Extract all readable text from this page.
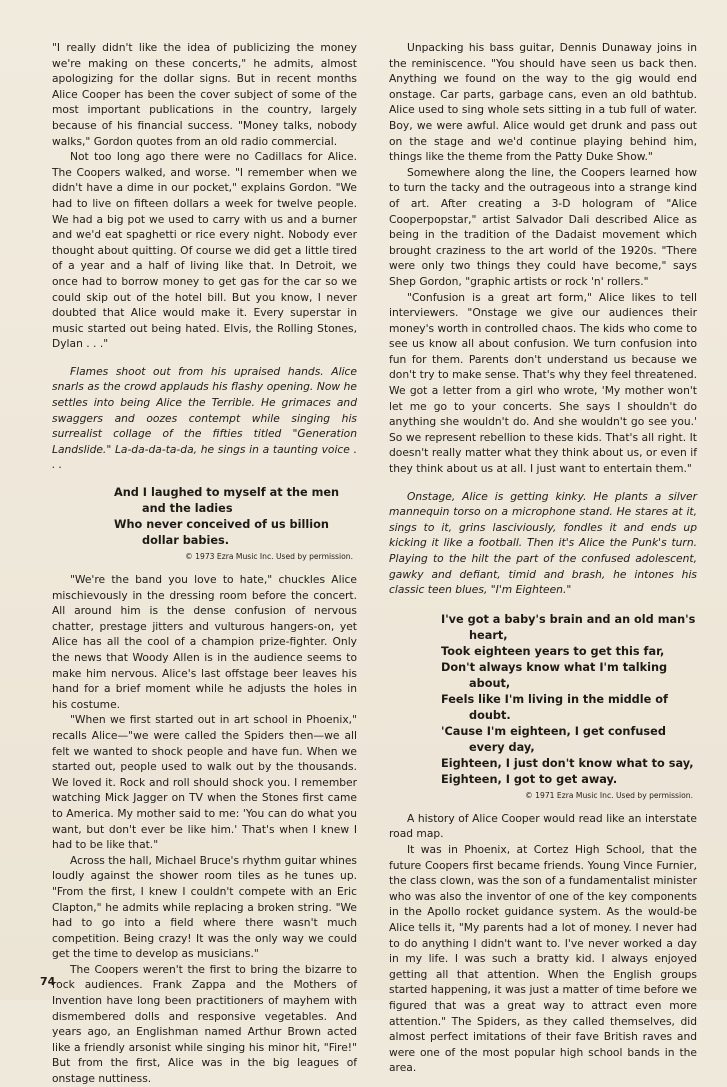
"I really didn't like the idea of publicizing the money we're making on these concerts," he admits, almost apologizing for the dollar signs. But in recent months Alice Cooper has been the cover subject of some of the most important publications in the country, largely because of his financial success. "Money talks, nobody walks," Gordon quotes from an old radio commercial.

Not too long ago there were no Cadillacs for Alice. The Coopers walked, and worse. "I remember when we didn't have a dime in our pocket," explains Gordon. "We had to live on fifteen dollars a week for twelve people. We had a big pot we used to carry with us and a burner and we'd eat spaghetti or rice every night. Nobody ever thought about quitting. Of course we did get a little tired of a year and a half of living like that. In Detroit, we once had to borrow money to get gas for the car so we could skip out of the hotel bill. But you know, I never doubted that Alice would make it. Every superstar in music started out being hated. Elvis, the Rolling Stones, Dylan . . ."

Flames shoot out from his upraised hands. Alice snarls as the crowd applauds his flashy opening. Now he settles into being Alice the Terrible. He grimaces and swaggers and oozes contempt while singing his surrealist collage of the fifties titled "Generation Landslide." La-da-da-ta-da, he sings in a taunting voice . . .

And I laughed to myself at the men and the ladies
Who never conceived of us billion dollar babies.
© 1973 Ezra Music Inc. Used by permission.

"We're the band you love to hate," chuckles Alice mischievously in the dressing room before the concert. All around him is the dense confusion of nervous chatter, prestage jitters and vulturous hangers-on, yet Alice has all the cool of a champion prize-fighter. Only the news that Woody Allen is in the audience seems to make him nervous. Alice's last offstage beer leaves his hand for a brief moment while he adjusts the holes in his costume.

"When we first started out in art school in Phoenix," recalls Alice—"we were called the Spiders then—we all felt we wanted to shock people and have fun. When we started out, people used to walk out by the thousands. We loved it. Rock and roll should shock you. I remember watching Mick Jagger on TV when the Stones first came to America. My mother said to me: 'You can do what you want, but don't ever be like him.' That's when I knew I had to be like that."

Across the hall, Michael Bruce's rhythm guitar whines loudly against the shower room tiles as he tunes up. "From the first, I knew I couldn't compete with an Eric Clapton," he admits while replacing a broken string. "We had to go into a field where there wasn't much competition. Being crazy! It was the only way we could get the time to develop as musicians."

The Coopers weren't the first to bring the bizarre to rock audiences. Frank Zappa and the Mothers of Invention have long been practitioners of mayhem with dismembered dolls and responsive vegetables. And years ago, an Englishman named Arthur Brown acted like a friendly arsonist while singing his minor hit, "Fire!" But from the first, Alice was in the big leagues of onstage nuttiness.

Unpacking his bass guitar, Dennis Dunaway joins in the reminiscence. "You should have seen us back then. Anything we found on the way to the gig would end onstage. Car parts, garbage cans, even an old bathtub. Alice used to sing whole sets sitting in a tub full of water. Boy, we were awful. Alice would get drunk and pass out on the stage and we'd continue playing behind him, things like the theme from the Patty Duke Show."

Somewhere along the line, the Coopers learned how to turn the tacky and the outrageous into a strange kind of art. After creating a 3-D hologram of "Alice Cooperpopstar," artist Salvador Dali described Alice as being in the tradition of the Dadaist movement which brought craziness to the art world of the 1920s. "There were only two things they could have become," says Shep Gordon, "graphic artists or rock 'n' rollers."

"Confusion is a great art form," Alice likes to tell interviewers. "Onstage we give our audiences their money's worth in controlled chaos. The kids who come to see us know all about confusion. We turn confusion into fun for them. Parents don't understand us because we don't try to make sense. That's why they feel threatened. We got a letter from a girl who wrote, 'My mother won't let me go to your concerts. She says I shouldn't do anything she wouldn't do. And she wouldn't go see you.' So we represent rebellion to these kids. That's all right. It doesn't really matter what they think about us, or even if they think about us at all. I just want to entertain them."

Onstage, Alice is getting kinky. He plants a silver mannequin torso on a microphone stand. He stares at it, sings to it, grins lasciviously, fondles it and ends up kicking it like a football. Then it's Alice the Punk's turn. Playing to the hilt the part of the confused adolescent, gawky and defiant, timid and brash, he intones his classic teen blues, "I'm Eighteen."

I've got a baby's brain and an old man's heart,
Took eighteen years to get this far,
Don't always know what I'm talking about,
Feels like I'm living in the middle of doubt.
'Cause I'm eighteen, I get confused every day,
Eighteen, I just don't know what to say,
Eighteen, I got to get away.
© 1971 Ezra Music Inc. Used by permission.

A history of Alice Cooper would read like an interstate road map.

It was in Phoenix, at Cortez High School, that the future Coopers first became friends. Young Vince Furnier, the class clown, was the son of a fundamentalist minister who was also the inventor of one of the key components in the Apollo rocket guidance system. As the would-be Alice tells it, "My parents had a lot of money. I never had to do anything I didn't want to. I've never worked a day in my life. I was such a bratty kid. I always enjoyed getting all that attention. When the English groups started happening, it was just a matter of time before we figured that was a great way to attract even more attention." The Spiders, as they called themselves, did almost perfect imitations of their fave British raves and were one of the most popular high school bands in the area.

74
